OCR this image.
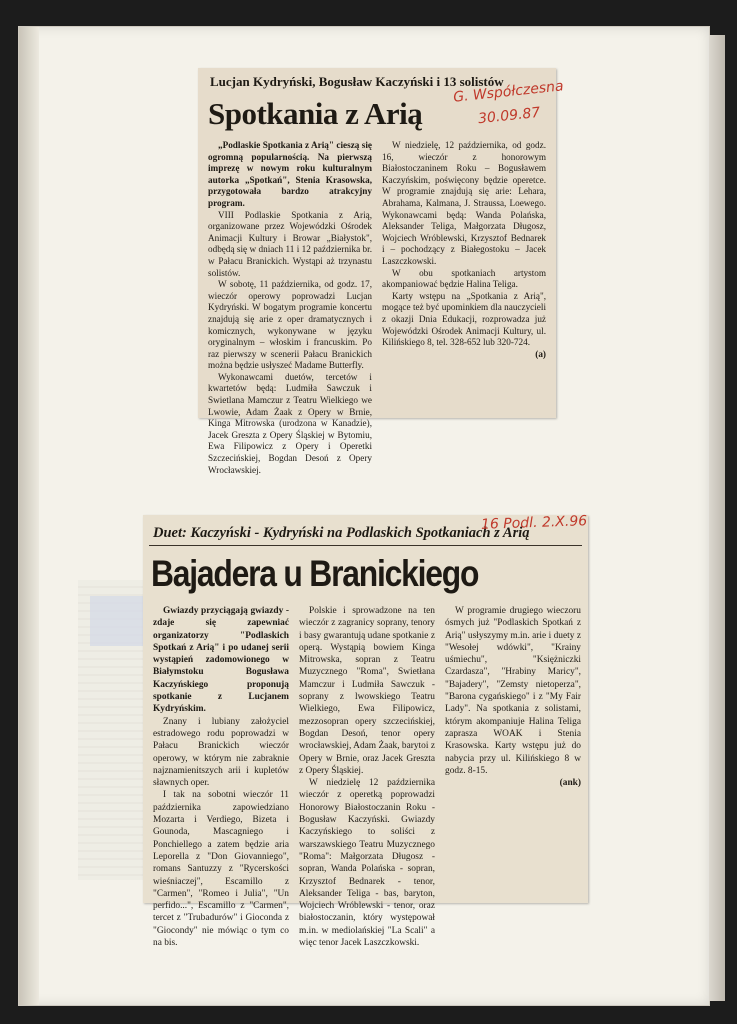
Lucjan Kydryński, Bogusław Kaczyński i 13 solistów
Spotkania z Arią
G. Współczesna
30.09.87

„Podlaskie Spotkania z Arią" cieszą się ogromną popularnością. Na pierwszą imprezę w nowym roku kulturalnym autorka „Spotkań", Stenia Krasowska, przygotowała bardzo atrakcyjny program.

VIII Podlaskie Spotkania z Arią, organizowane przez Wojewódzki Ośrodek Animacji Kultury i Browar „Białystok", odbędą się w dniach 11 i 12 października br. w Pałacu Branickich. Wystąpi aż trzynastu solistów.

W sobotę, 11 października, od godz. 17, wieczór operowy poprowadzi Lucjan Kydryński. W bogatym programie koncertu znajdują się arie z oper dramatycznych i komicznych, wykonywane w języku oryginalnym – włoskim i francuskim. Po raz pierwszy w scenerii Pałacu Branickich można będzie usłyszeć Madame Butterfly.

Wykonawcami duetów, tercetów i kwartetów będą: Ludmiła Sawczuk i Swietlana Mamczur z Teatru Wielkiego we Lwowie, Adam Żaak z Opery w Brnie, Kinga Mitrowska (urodzona w Kanadzie), Jacek Greszta z Opery Śląskiej w Bytomiu, Ewa Filipowicz z Opery i Operetki Szczecińskiej, Bogdan Desoń z Opery Wrocławskiej.

W niedzielę, 12 października, od godz. 16, wieczór z honorowym Białostoczaninem Roku – Bogusławem Kaczyńskim, poświęcony będzie operetce. W programie znajdują się arie: Lehara, Abrahama, Kalmana, J. Straussa, Loewego. Wykonawcami będą: Wanda Polańska, Aleksander Teliga, Małgorzata Długosz, Wojciech Wróblewski, Krzysztof Bednarek i – pochodzący z Białegostoku – Jacek Laszczkowski.

W obu spotkaniach artystom akompaniować będzie Halina Teliga.

Karty wstępu na „Spotkania z Arią", mogące też być upominkiem dla nauczycieli z okazji Dnia Edukacji, rozprowadza już Wojewódzki Ośrodek Animacji Kultury, ul. Kilińskiego 8, tel. 328-652 lub 320-724.

(a)
Duet: Kaczyński - Kydryński na Podlaskich Spotkaniach z Arią
16 Podl. 2.X.96
Bajadera u Branickiego

Gwiazdy przyciągają gwiazdy - zdaje się zapewniać organizatorzy "Podlaskich Spotkań z Arią" i po udanej serii wystąpień zadomowionego w Białymstoku Bogusława Kaczyńskiego proponują spotkanie z Lucjanem Kydryńskim.

Znany i lubiany założyciel estradowego rodu poprowadzi w Pałacu Branickich wieczór operowy, w którym nie zabraknie najznamienitszych arii i kupletów sławnych oper.

I tak na sobotni wieczór 11 października zapowiedziano Mozarta i Verdiego, Bizeta i Gounoda, Mascagniego i Ponchiellego a zatem będzie aria Leporella z "Don Giovanniego", romans Santuzzy z "Rycerskości wieśniaczej", Escamillo z "Carmen", "Romeo i Julia", "Un perfido...", Escamillo z "Carmen", tercet z "Trubadurów" i Gioconda z "Giocondy" nie mówiąc o tym co na bis.

Polskie i sprowadzone na ten wieczór z zagranicy soprany, tenory i basy gwarantują udane spotkanie z operą. Wystąpią bowiem Kinga Mitrowska, sopran z Teatru Muzycznego "Roma", Swietłana Mamczur i Ludmiła Sawczuk - soprany z lwowskiego Teatru Wielkiego, Ewa Filipowicz, mezzosopran opery szczecińskiej, Bogdan Desoń, tenor opery wrocławskiej, Adam Żaak, barytoi z Opery w Brnie, oraz Jacek Greszta z Opery Śląskiej.

W niedzielę 12 października wieczór z operetką poprowadzi Honorowy Białostoczanin Roku - Bogusław Kaczyński. Gwiazdy Kaczyńskiego to soliści z warszawskiego Teatru Muzycznego "Roma": Małgorzata Długosz - sopran, Wanda Polańska - sopran, Krzysztof Bednarek - tenor, Aleksander Teliga - bas, baryton, Wojciech Wróblewski - tenor, oraz białostoczanin, który występował m.in. w mediolańskiej "La Scali" a więc tenor Jacek Laszczkowski.

W programie drugiego wieczoru ósmych już "Podlaskich Spotkań z Arią" usłyszymy m.in. arie i duety z "Wesołej wdówki", "Krainy uśmiechu", "Księżniczki Czardasza", "Hrabiny Maricy", "Bajadery", "Zemsty nietoperza", "Barona cygańskiego" i z "My Fair Lady". Na spotkania z solistami, którym akompaniuje Halina Teliga zaprasza WOAK i Stenia Krasowska. Karty wstępu już do nabycia przy ul. Kilińskiego 8 w godz. 8-15.

(ank)
